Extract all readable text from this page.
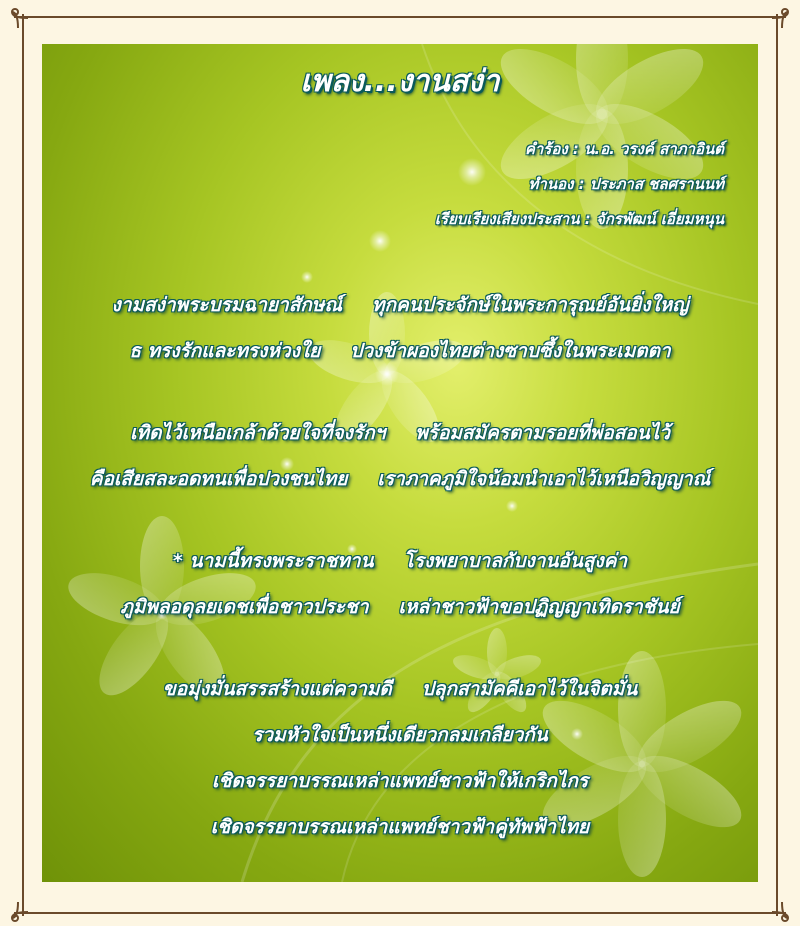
เพลง...งานสง่า
คำร้อง : น.อ. วรงค์ สาภาอินต์
ทำนอง : ประภาส ชลศรานนท์
เรียบเรียงเสียงประสาน : จักรพัฒน์ เอี่ยมหนุน
งามสง่าพระบรมฉายาสักษณ์ ทุกคนประจักษ์ในพระการุณย์อันยิ่งใหญ่
ธ ทรงรักและทรงห่วงใย ปวงข้าผองไทยต่างซาบซึ้งในพระเมตตา
เทิดไว้เหนือเกล้าด้วยใจที่จงรักฯ พร้อมสมัครตามรอยที่พ่อสอนไว้
คือเสียสละอดทนเพื่อปวงชนไทย เราภาคภูมิใจน้อมนำเอาไว้เหนือวิญญาณ์
* นามนี้ทรงพระราชทาน โรงพยาบาลกับงานอันสูงค่า
ภูมิพลอดุลยเดชเพื่อชาวประชา เหล่าชาวฟ้าขอปฏิญญาเทิดราชันย์
ขอมุ่งมั่นสรรสร้างแต่ความดี ปลุกสามัคคีเอาไว้ในจิตมั่น
รวมหัวใจเป็นหนึ่งเดียวกลมเกลียวกัน
เชิดจรรยาบรรณเหล่าแพทย์ชาวฟ้าให้เกริกไกร
เชิดจรรยาบรรณเหล่าแพทย์ชาวฟ้าคู่ทัพฟ้าไทย
